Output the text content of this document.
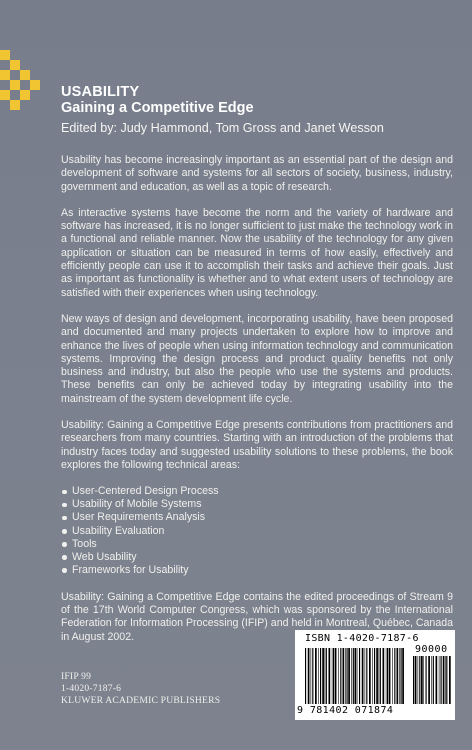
USABILITY
Gaining a Competitive Edge
Edited by: Judy Hammond, Tom Gross and Janet Wesson

Usability has become increasingly important as an essential part of the design and development of software and systems for all sectors of society, business, industry, government and education, as well as a topic of research.

As interactive systems have become the norm and the variety of hardware and software has increased, it is no longer sufficient to just make the technology work in a functional and reliable manner. Now the usability of the technology for any given application or situation can be measured in terms of how easily, effectively and efficiently people can use it to accomplish their tasks and achieve their goals. Just as important as functionality is whether and to what extent users of technology are satisfied with their experiences when using technology.

New ways of design and development, incorporating usability, have been proposed and documented and many projects undertaken to explore how to improve and enhance the lives of people when using information technology and communication systems. Improving the design process and product quality benefits not only business and industry, but also the people who use the systems and products. These benefits can only be achieved today by integrating usability into the mainstream of the system development life cycle.

Usability: Gaining a Competitive Edge presents contributions from practitioners and researchers from many countries. Starting with an introduction of the problems that industry faces today and suggested usability solutions to these problems, the book explores the following technical areas:

User-Centered Design Process
Usability of Mobile Systems
User Requirements Analysis
Usability Evaluation
Tools
Web Usability
Frameworks for Usability

Usability: Gaining a Competitive Edge contains the edited proceedings of Stream 9 of the 17th World Computer Congress, which was sponsored by the International Federation for Information Processing (IFIP) and held in Montreal, Québec, Canada in August 2002.

IFIP 99
1-4020-7187-6
KLUWER ACADEMIC PUBLISHERS
ISBN 1-4020-7187-6
90000
9 781402 071874
